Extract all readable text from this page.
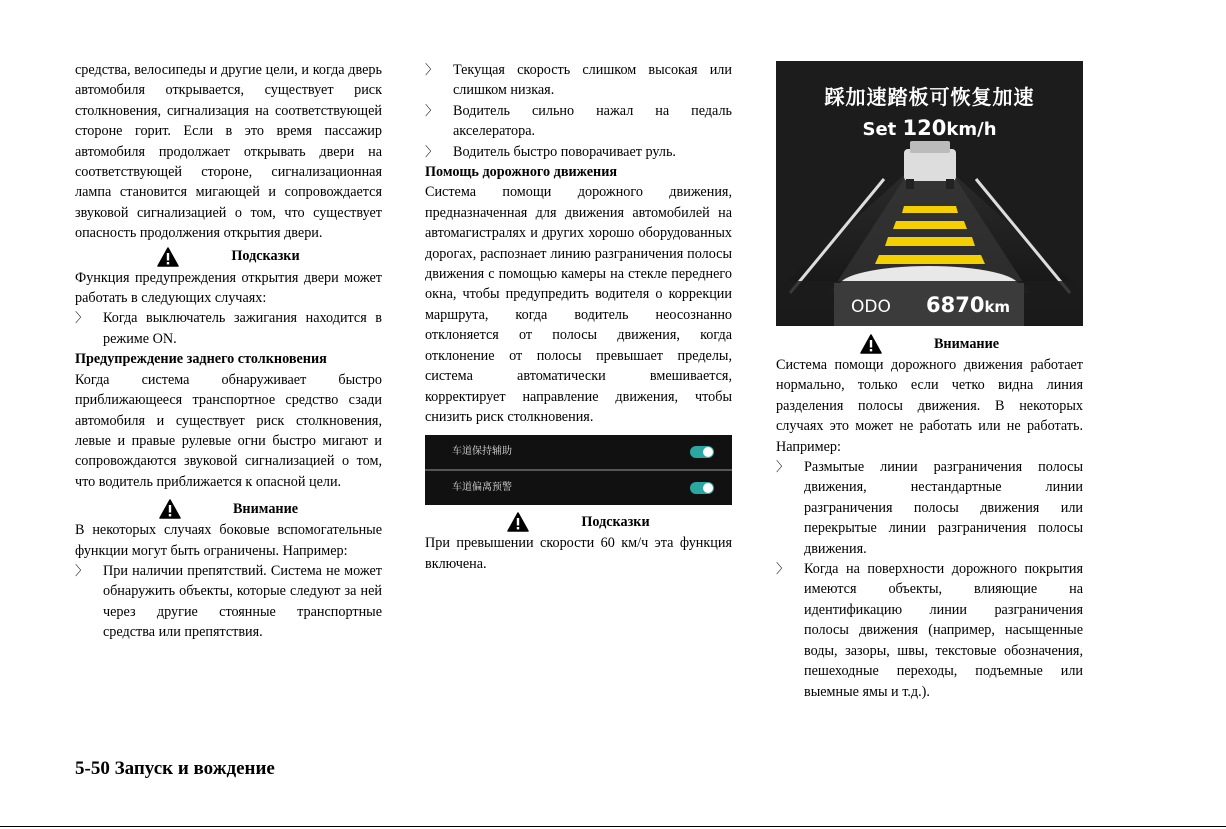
средства, велосипеды и другие цели, и когда дверь автомобиля открывается, существует риск столкновения, сигнализация на соответствующей стороне горит. Если в это время пассажир автомобиля продолжает открывать двери на соответствующей стороне, сигнализационная лампа становится мигающей и сопровождается звуковой сигнализацией о том, что существует опасность продолжения открытия двери.

Подсказки

Функция предупреждения открытия двери может работать в следующих случаях:

〉 Когда выключатель зажигания находится в режиме ON.

Предупреждение заднего столкновения

Когда система обнаруживает быстро приближающееся транспортное средство сзади автомобиля и существует риск столкновения, левые и правые рулевые огни быстро мигают и сопровождаются звуковой сигнализацией о том, что водитель приближается к опасной цели.

Внимание

В некоторых случаях боковые вспомогательные функции могут быть ограничены. Например:

〉 При наличии препятствий. Система не может обнаружить объекты, которые следуют за ней через другие стоянные транспортные средства или препятствия.
〉 Текущая скорость слишком высокая или слишком низкая.
〉 Водитель сильно нажал на педаль акселератора.
〉 Водитель быстро поворачивает руль.

Помощь дорожного движения

Система помощи дорожного движения, предназначенная для движения автомобилей на автомагистралях и других хорошо оборудованных дорогах, распознает линию разграничения полосы движения с помощью камеры на стекле переднего окна, чтобы предупредить водителя о коррекции маршрута, когда водитель неосознанно отклоняется от полосы движения, когда отклонение от полосы превышает пределы, система автоматически вмешивается, корректирует направление движения, чтобы снизить риск столкновения.

车道保持辅助
车道偏离预警
Подсказки

При превышении скорости 60 км/ч эта функция включена.

踩加速踏板可恢复加速
Set 120km/h
ODO 6870km
Внимание

Система помощи дорожного движения работает нормально, только если четко видна линия разделения полосы движения. В некоторых случаях это может не работать или не работать. Например:

〉 Размытые линии разграничения полосы движения, нестандартные линии разграничения полосы движения или перекрытые линии разграничения полосы движения.
〉 Когда на поверхности дорожного покрытия имеются объекты, влияющие на идентификацию линии разграничения полосы движения (например, насыщенные воды, зазоры, швы, текстовые обозначения, пешеходные переходы, подъемные или выемные ямы и т.д.).
5-50 Запуск и вождение
